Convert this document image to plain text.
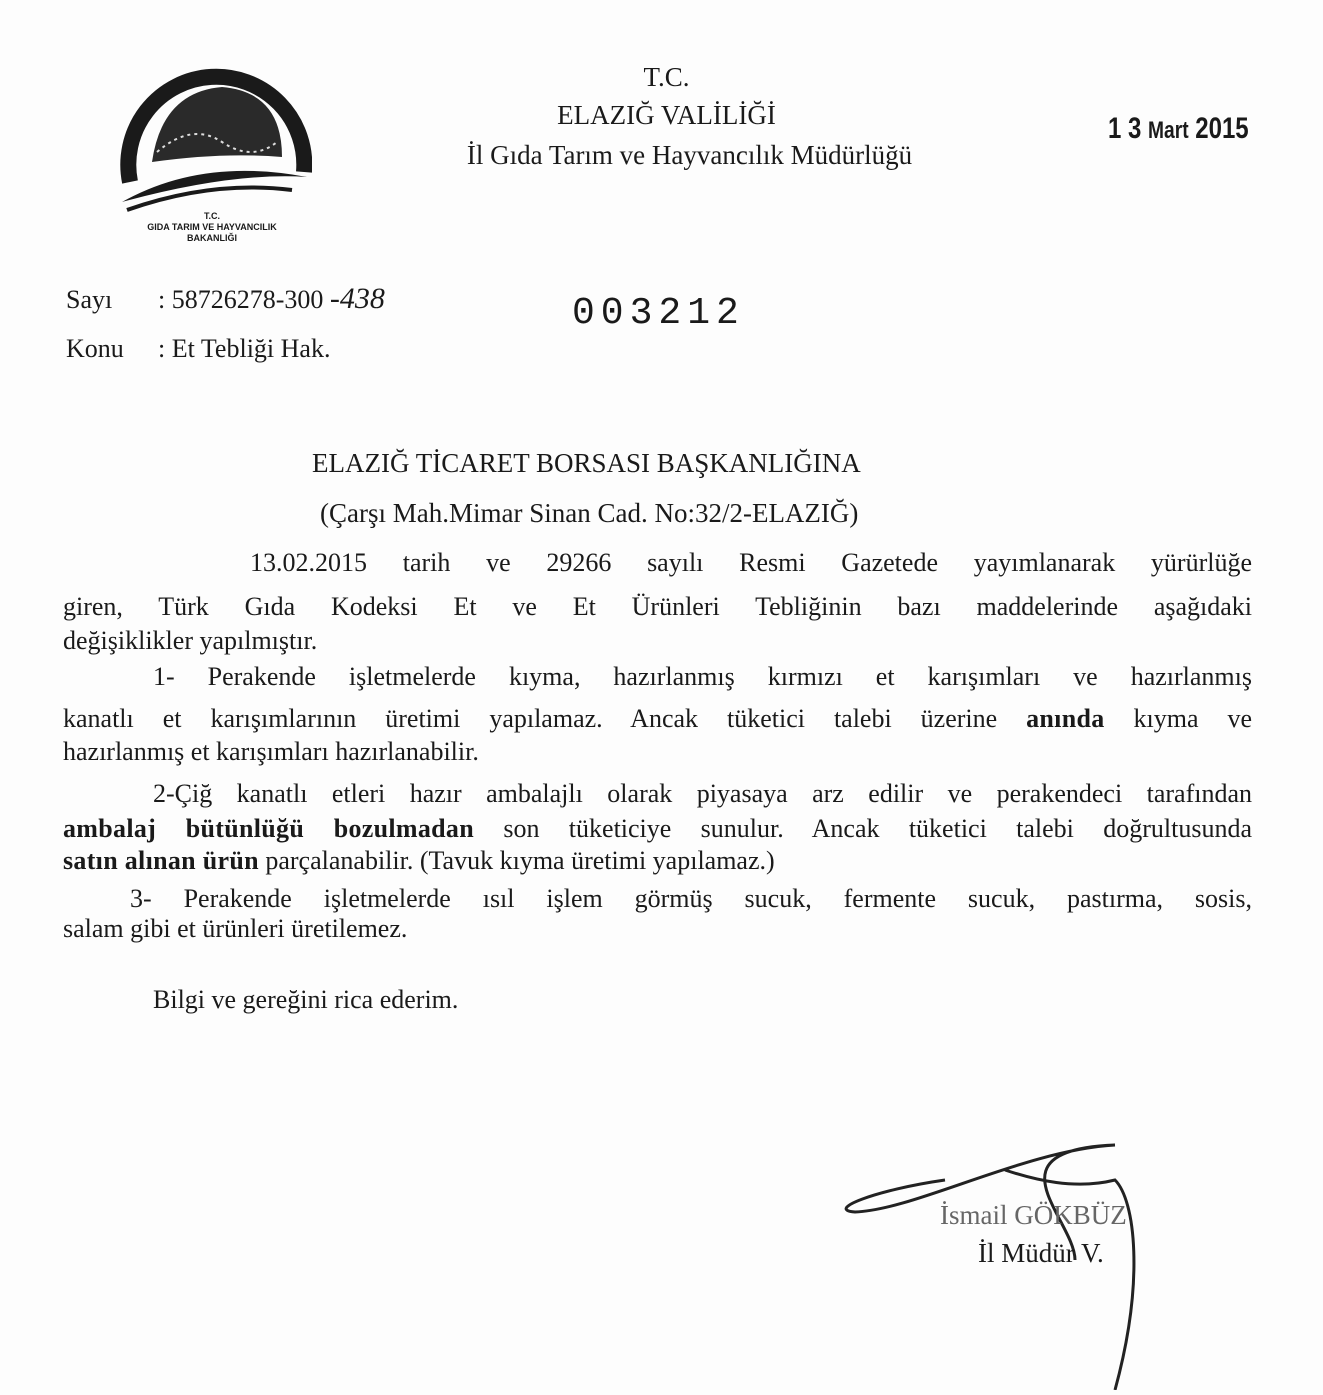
T.C.
GIDA TARIM VE HAYVANCILIK
BAKANLIĞI
T.C.
ELAZIĞ VALİLİĞİ
İl Gıda Tarım ve Hayvancılık Müdürlüğü
1 3 Mart 2015
Sayı : 58726278-300 -438
Konu : Et Tebliği Hak.
003212
ELAZIĞ TİCARET BORSASI BAŞKANLIĞINA
(Çarşı Mah.Mimar Sinan Cad. No:32/2-ELAZIĞ)
13.02.2015 tarih ve 29266 sayılı Resmi Gazetede yayımlanarak yürürlüğe
giren, Türk Gıda Kodeksi Et ve Et Ürünleri Tebliğinin bazı maddelerinde aşağıdaki
değişiklikler yapılmıştır.
1- Perakende işletmelerde kıyma, hazırlanmış kırmızı et karışımları ve hazırlanmış
kanatlı et karışımlarının üretimi yapılamaz. Ancak tüketici talebi üzerine anında kıyma ve
hazırlanmış et karışımları hazırlanabilir.
2-Çiğ kanatlı etleri hazır ambalajlı olarak piyasaya arz edilir ve perakendeci tarafından
ambalaj bütünlüğü bozulmadan son tüketiciye sunulur. Ancak tüketici talebi doğrultusunda
satın alınan ürün parçalanabilir. (Tavuk kıyma üretimi yapılamaz.)
3- Perakende işletmelerde ısıl işlem görmüş sucuk, fermente sucuk, pastırma, sosis,
salam gibi et ürünleri üretilemez.
Bilgi ve gereğini rica ederim.
İsmail GÖKBÜZ
İl Müdür V.
